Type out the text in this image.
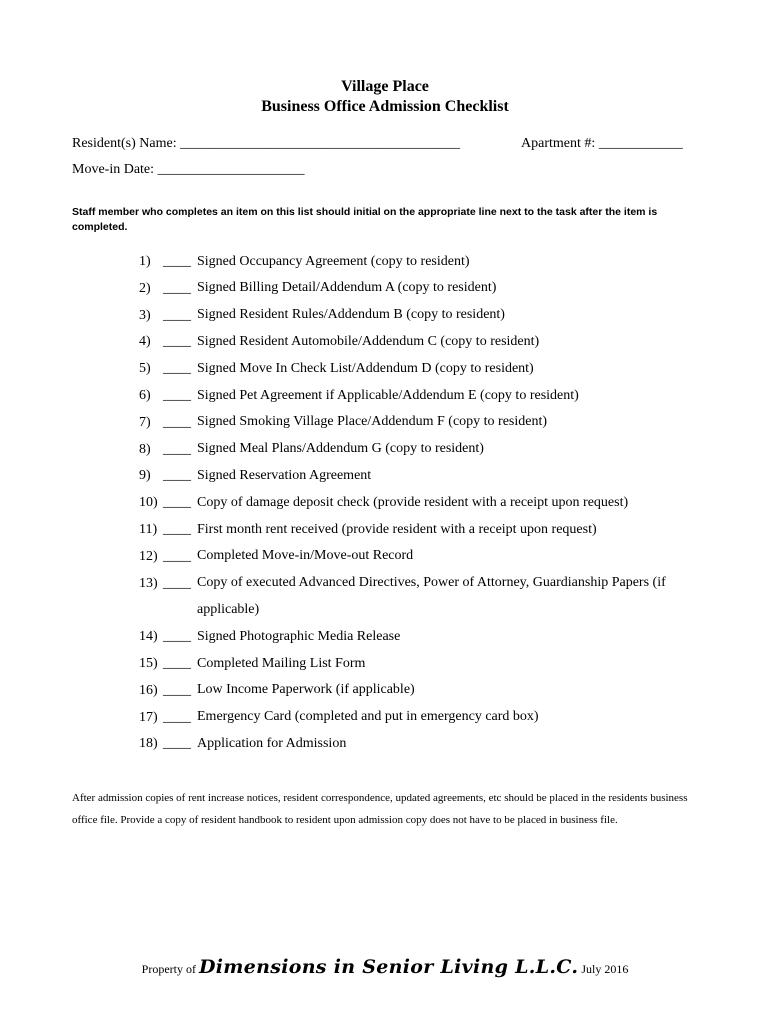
Village Place
Business Office Admission Checklist
Resident(s) Name: ________________________________________	Apartment #: ____________
Move-in Date: _____________________
Staff member who completes an item on this list should initial on the appropriate line next to the task after the item is completed.
1) ____ Signed Occupancy Agreement (copy to resident)
2) ____ Signed Billing Detail/Addendum A (copy to resident)
3) ____ Signed Resident Rules/Addendum B (copy to resident)
4) ____ Signed Resident Automobile/Addendum C (copy to resident)
5) ____ Signed Move In Check List/Addendum D (copy to resident)
6) ____ Signed Pet Agreement if Applicable/Addendum E (copy to resident)
7) ____ Signed Smoking Village Place/Addendum F (copy to resident)
8) ____ Signed Meal Plans/Addendum G (copy to resident)
9) ____ Signed Reservation Agreement
10) ____ Copy of damage deposit check (provide resident with a receipt upon request)
11) ____ First month rent received (provide resident with a receipt upon request)
12) ____ Completed Move-in/Move-out Record
13) ____ Copy of executed Advanced Directives, Power of Attorney, Guardianship Papers (if applicable)
14) ____ Signed Photographic Media Release
15) ____ Completed Mailing List Form
16) ____ Low Income Paperwork (if applicable)
17) ____ Emergency Card (completed and put in emergency card box)
18) ____ Application for Admission
After admission copies of rent increase notices, resident correspondence, updated agreements, etc should be placed in the residents business office file. Provide a copy of resident handbook to resident upon admission copy does not have to be placed in business file.
Property of Dimensions in Senior Living L.L.C. July 2016
